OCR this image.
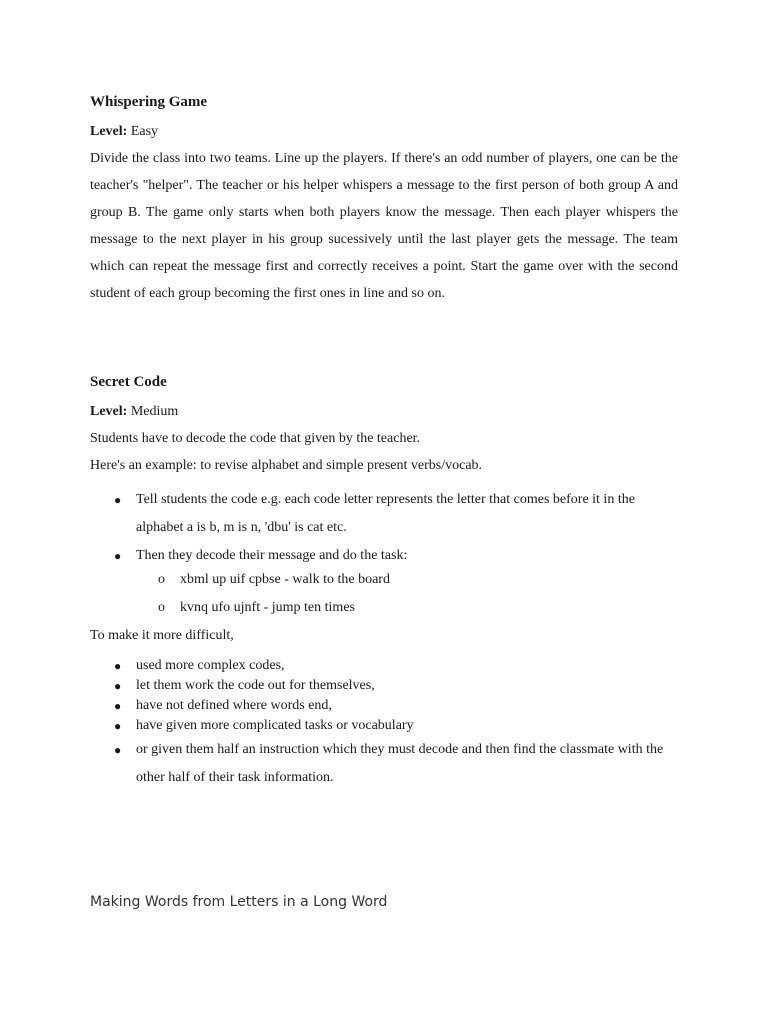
Whispering Game
Level: Easy
Divide the class into two teams. Line up the players. If there's an odd number of players, one can be the teacher's "helper". The teacher or his helper whispers a message to the first person of both group A and group B. The game only starts when both players know the message. Then each player whispers the message to the next player in his group sucessively until the last player gets the message. The team which can repeat the message first and correctly receives a point. Start the game over with the second student of each group becoming the first ones in line and so on.
Secret Code
Level: Medium
Students have to decode the code that given by the teacher.
Here's an example: to revise alphabet and simple present verbs/vocab.
● Tell students the code e.g. each code letter represents the letter that comes before it in the alphabet a is b, m is n, 'dbu' is cat etc.
● Then they decode their message and do the task:
o xbml up uif cpbse - walk to the board
o kvnq ufo ujnft - jump ten times
To make it more difficult,
● used more complex codes,
● let them work the code out for themselves,
● have not defined where words end,
● have given more complicated tasks or vocabulary
● or given them half an instruction which they must decode and then find the classmate with the other half of their task information.
Making Words from Letters in a Long Word
